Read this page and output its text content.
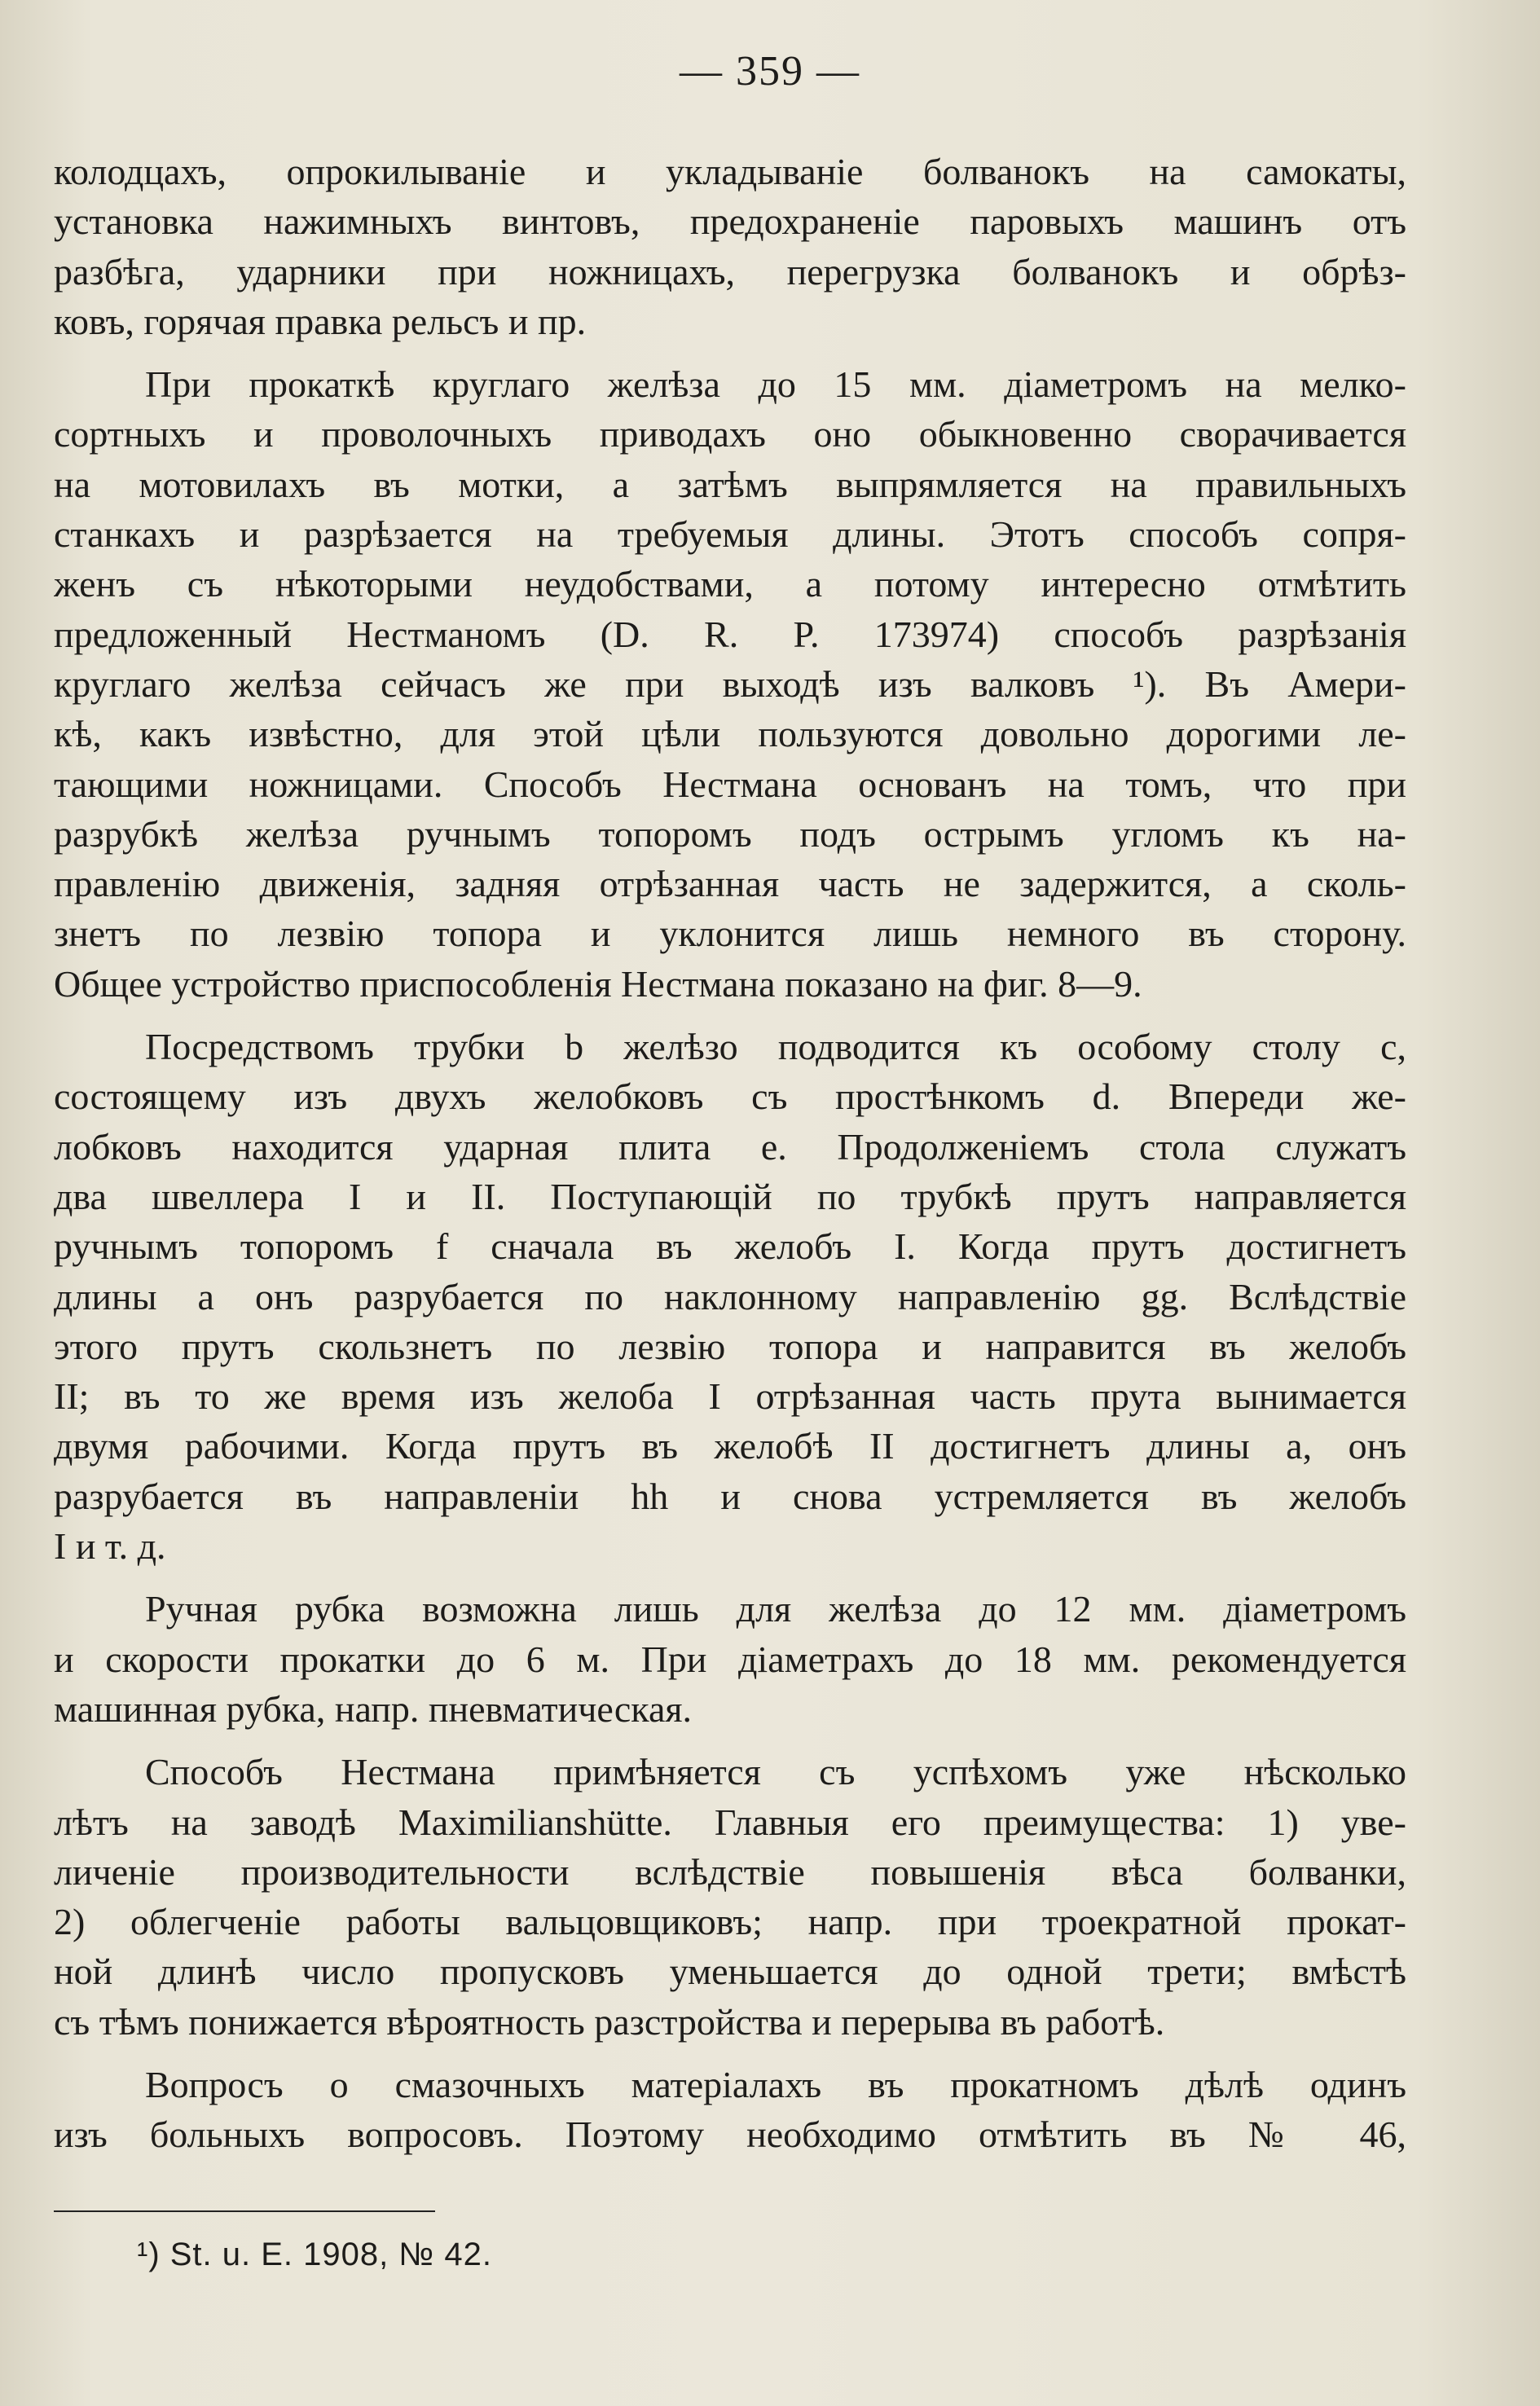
— 359 —
колодцахъ, опрокилываніе и укладываніе болванокъ на самокаты,
установка нажимныхъ винтовъ, предохраненіе паровыхъ машинъ отъ
разбѣга, ударники при ножницахъ, перегрузка болванокъ и обрѣз-
ковъ, горячая правка рельсъ и пр.
При прокаткѣ круглаго желѣза до 15 мм. діаметромъ на мелко-
сортныхъ и проволочныхъ приводахъ оно обыкновенно сворачивается
на мотовилахъ въ мотки, а затѣмъ выпрямляется на правильныхъ
станкахъ и разрѣзается на требуемыя длины. Этотъ способъ сопря-
женъ съ нѣкоторыми неудобствами, а потому интересно отмѣтить
предложенный Нестманомъ (D. R. P. 173974) способъ разрѣзанія
круглаго желѣза сейчасъ же при выходѣ изъ валковъ ¹). Въ Амери-
кѣ, какъ извѣстно, для этой цѣли пользуются довольно дорогими ле-
тающими ножницами. Способъ Нестмана основанъ на томъ, что при
разрубкѣ желѣза ручнымъ топоромъ подъ острымъ угломъ къ на-
правленію движенія, задняя отрѣзанная часть не задержится, а сколь-
знетъ по лезвію топора и уклонится лишь немного въ сторону.
Общее устройство приспособленія Нестмана показано на фиг. 8—9.
Посредствомъ трубки b желѣзо подводится къ особому столу c,
состоящему изъ двухъ желобковъ съ простѣнкомъ d. Впереди же-
лобковъ находится ударная плита e. Продолженіемъ стола служатъ
два швеллера I и II. Поступающій по трубкѣ прутъ направляется
ручнымъ топоромъ f сначала въ желобъ I. Когда прутъ достигнетъ
длины a онъ разрубается по наклонному направленію gg. Вслѣдствіе
этого прутъ скользнетъ по лезвію топора и направится въ желобъ
II; въ то же время изъ желоба I отрѣзанная часть прута вынимается
двумя рабочими. Когда прутъ въ желобѣ II достигнетъ длины a, онъ
разрубается въ направленіи hh и снова устремляется въ желобъ
I и т. д.
Ручная рубка возможна лишь для желѣза до 12 мм. діаметромъ
и скорости прокатки до 6 м. При діаметрахъ до 18 мм. рекомендуется
машинная рубка, напр. пневматическая.
Способъ Нестмана примѣняется съ успѣхомъ уже нѣсколько
лѣтъ на заводѣ Maximilianshütte. Главныя его преимущества: 1) уве-
личеніе производительности вслѣдствіе повышенія вѣса болванки,
2) облегченіе работы вальцовщиковъ; напр. при троекратной прокат-
ной длинѣ число пропусковъ уменьшается до одной трети; вмѣстѣ
съ тѣмъ понижается вѣроятность разстройства и перерыва въ работѣ.
Вопросъ о смазочныхъ матеріалахъ въ прокатномъ дѣлѣ одинъ
изъ больныхъ вопросовъ. Поэтому необходимо отмѣтить въ № 46,
¹) St. u. E. 1908, № 42.
